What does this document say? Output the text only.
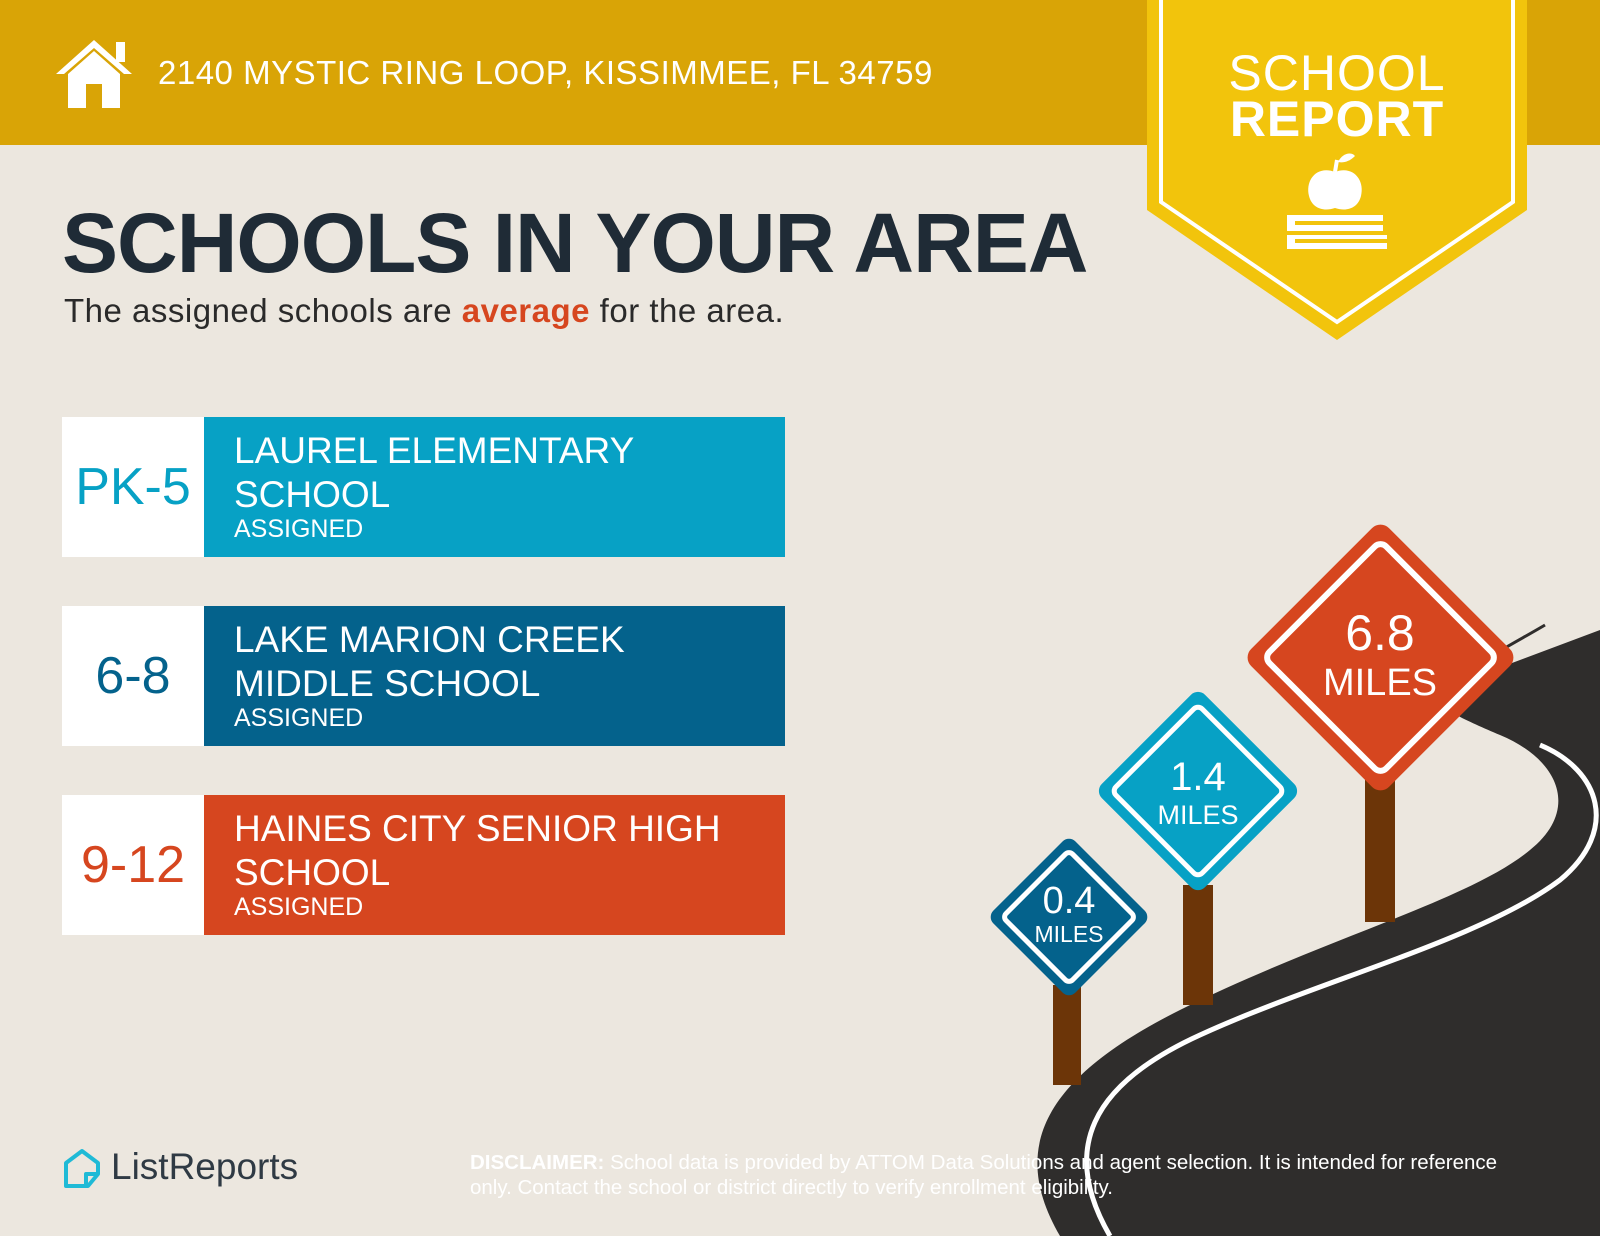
2140 MYSTIC RING LOOP, KISSIMMEE, FL 34759	SCHOOL
REPORT
SCHOOLS IN YOUR AREA
The assigned schools are average for the area.
PK-5
LAUREL ELEMENTARY SCHOOL
ASSIGNED
6-8
LAKE MARION CREEK MIDDLE SCHOOL
ASSIGNED
9-12
HAINES CITY SENIOR HIGH SCHOOL
ASSIGNED
6.8
MILES
1.4
MILES
0.4
MILES
ListReports	DISCLAIMER: School data is provided by ATTOM Data Solutions and agent selection. It is intended for reference only. Contact the school or district directly to verify enrollment eligibility.
